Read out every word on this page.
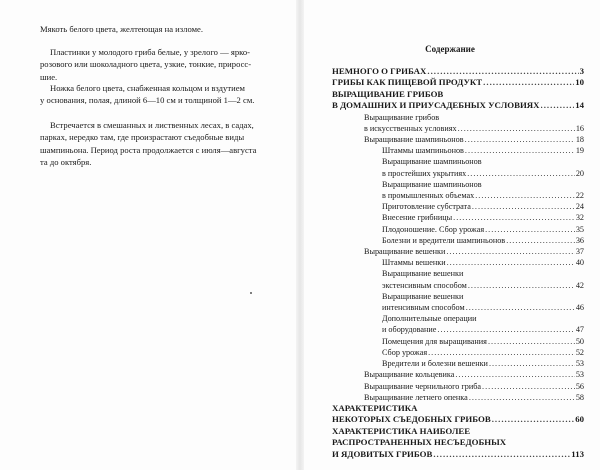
Мякоть белого цвета, желтеющая на изломе.
Пластинки у молодого гриба белые, у зрелого — ярко-
розового или шоколадного цвета, узкие, тонкие, приросс-
шие.
Ножка белого цвета, снабженная кольцом и вздутием
у основания, полая, длиной 6—10 см и толщиной 1—2 см.
Встречается в смешанных и лиственных лесах, в садах,
парках, нередко там, где произрастают съедобные виды
шампиньона. Период роста продолжается с июля—августа
та до октября.
Содержание
НЕМНОГО О ГРИБАХ .....	3
ГРИБЫ КАК ПИЩЕВОЙ ПРОДУКТ .....	10
ВЫРАЩИВАНИЕ ГРИБОВ
В ДОМАШНИХ И ПРИУСАДЕБНЫХ УСЛОВИЯХ .....	14
Выращивание грибов
в искусственных условиях .....	16
Выращивание шампиньонов .....	18
Штаммы шампиньонов .....	19
Выращивание шампиньонов
в простейших укрытиях .....	20
Выращивание шампиньонов
в промышленных объемах .....	22
Приготовление субстрата .....	24
Внесение грибницы .....	32
Плодоношение. Сбор урожая .....	35
Болезни и вредители шампиньонов .....	36
Выращивание вешенки .....	37
Штаммы вешенки .....	40
Выращивание вешенки
экстенсивным способом .....	42
Выращивание вешенки
интенсивным способом .....	46
Дополнительные операции
и оборудование .....	47
Помещения для выращивания .....	50
Сбор урожая .....	52
Вредители и болезни вешенки .....	53
Выращивание кольцевика .....	53
Выращивание чернильного гриба .....	56
Выращивание летнего опенка .....	58
ХАРАКТЕРИСТИКА
НЕКОТОРЫХ СЪЕДОБНЫХ ГРИБОВ .....	60
ХАРАКТЕРИСТИКА НАИБОЛЕЕ
РАСПРОСТРАНЕННЫХ НЕСЪЕДОБНЫХ
И ЯДОВИТЫХ ГРИБОВ .....	113
